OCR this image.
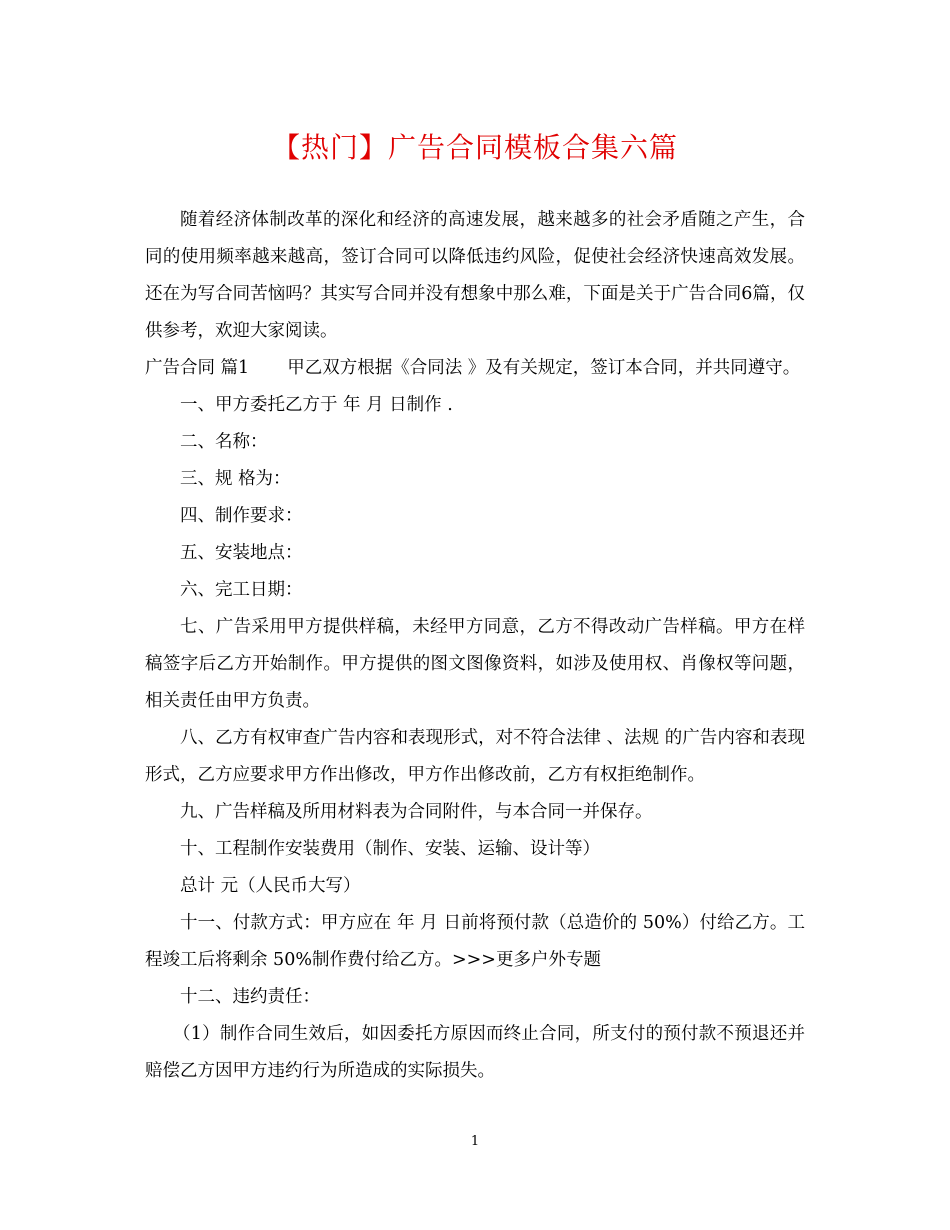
【热门】广告合同模板合集六篇

随着经济体制改革的深化和经济的高速发展，越来越多的社会矛盾随之产生，合同的使用频率越来越高，签订合同可以降低违约风险，促使社会经济快速高效发展。还在为写合同苦恼吗？其实写合同并没有想象中那么难，下面是关于广告合同6篇，仅供参考，欢迎大家阅读。

广告合同 篇1 甲乙双方根据《合同法 》及有关规定，签订本合同，并共同遵守。

一、甲方委托乙方于 年 月 日制作 .

二、名称：

三、规 格为：

四、制作要求：

五、安装地点：

六、完工日期：

七、广告采用甲方提供样稿，未经甲方同意，乙方不得改动广告样稿。甲方在样稿签字后乙方开始制作。甲方提供的图文图像资料，如涉及使用权、肖像权等问题，相关责任由甲方负责。

八、乙方有权审查广告内容和表现形式，对不符合法律 、法规 的广告内容和表现形式，乙方应要求甲方作出修改，甲方作出修改前，乙方有权拒绝制作。

九、广告样稿及所用材料表为合同附件，与本合同一并保存。

十、工程制作安装费用（制作、安装、运输、设计等）

总计 元（人民币大写）

十一、付款方式：甲方应在 年 月 日前将预付款（总造价的 50%）付给乙方。工程竣工后将剩余 50%制作费付给乙方。>>>更多户外专题

十二、违约责任：

（1）制作合同生效后，如因委托方原因而终止合同，所支付的预付款不预退还并赔偿乙方因甲方违约行为所造成的实际损失。

1
